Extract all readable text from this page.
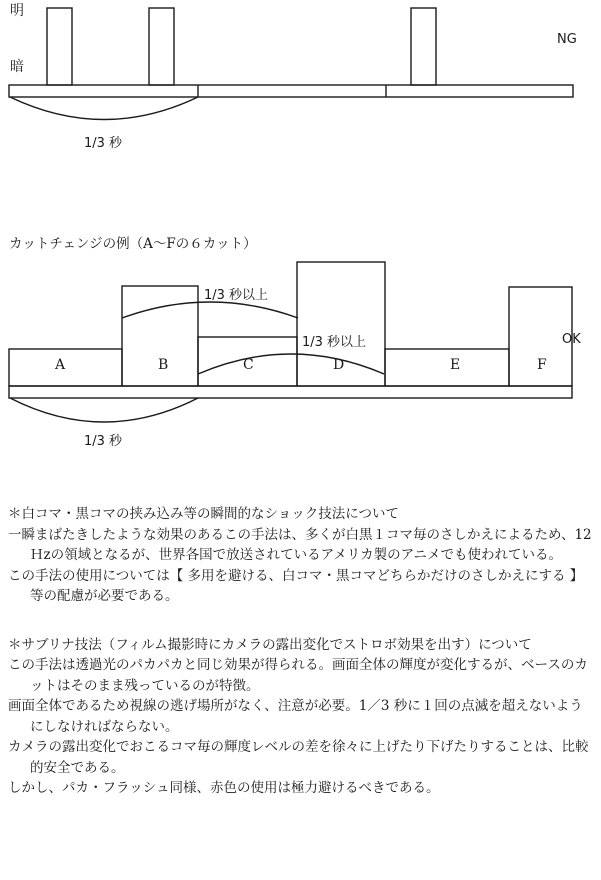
明
暗
NG
1/3 秒
カットチェンジの例（A～Fの６カット）
A	B	C	D	E	F
1/3 秒以上
1/3 秒以上	OK
1/3 秒

＊白コマ・黒コマの挟み込み等の瞬間的なショック技法について

一瞬まばたきしたような効果のあるこの手法は、多くが白黒１コマ毎のさしかえによるため、12 Ｈzの領域となるが、世界各国で放送されているアメリカ製のアニメでも使われている。

この手法の使用については【 多用を避ける、白コマ・黒コマどちらかだけのさしかえにする 】等の配慮が必要である。

＊サブリナ技法（フィルム撮影時にカメラの露出変化でストロボ効果を出す）について

この手法は透過光のパカパカと同じ効果が得られる。画面全体の輝度が変化するが、ベースのカットはそのまま残っているのが特徴。

画面全体であるため視線の逃げ場所がなく、注意が必要。1／3 秒に１回の点滅を超えないようにしなければならない。

カメラの露出変化でおこるコマ毎の輝度レベルの差を徐々に上げたり下げたりすることは、比較的安全である。

しかし、パカ・フラッシュ同様、赤色の使用は極力避けるべきである。
